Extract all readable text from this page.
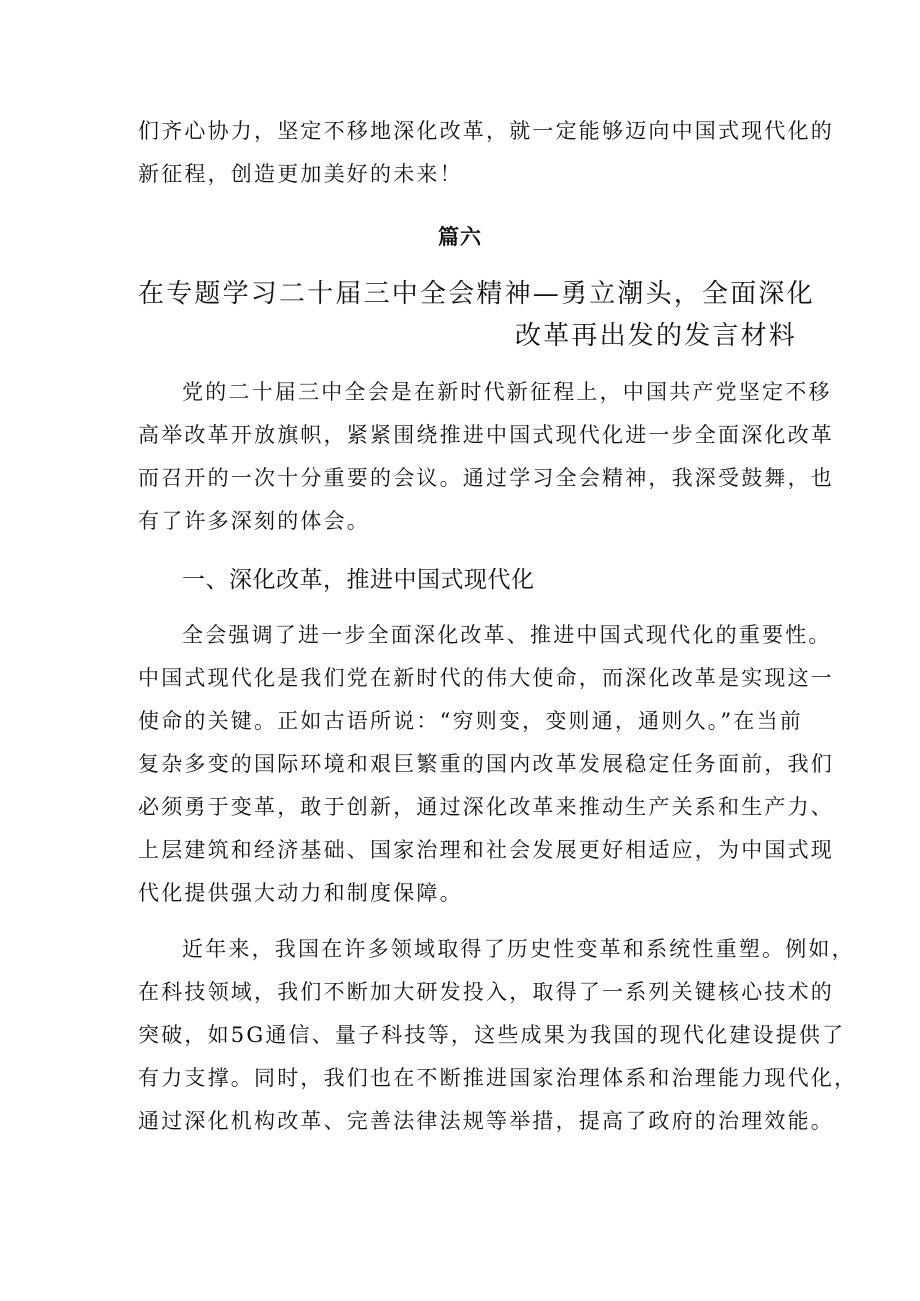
们齐心协力，坚定不移地深化改革，就一定能够迈向中国式现代化的
新征程，创造更加美好的未来！
篇六
在专题学习二十届三中全会精神—勇立潮头，全面深化
改革再出发的发言材料
党的二十届三中全会是在新时代新征程上，中国共产党坚定不移
高举改革开放旗帜，紧紧围绕推进中国式现代化进一步全面深化改革
而召开的一次十分重要的会议。通过学习全会精神，我深受鼓舞，也
有了许多深刻的体会。
一、深化改革，推进中国式现代化
全会强调了进一步全面深化改革、推进中国式现代化的重要性。
中国式现代化是我们党在新时代的伟大使命，而深化改革是实现这一
使命的关键。正如古语所说：“穷则变，变则通，通则久。”在当前
复杂多变的国际环境和艰巨繁重的国内改革发展稳定任务面前，我们
必须勇于变革，敢于创新，通过深化改革来推动生产关系和生产力、
上层建筑和经济基础、国家治理和社会发展更好相适应，为中国式现
代化提供强大动力和制度保障。
近年来，我国在许多领域取得了历史性变革和系统性重塑。例如，
在科技领域，我们不断加大研发投入，取得了一系列关键核心技术的
突破，如5G通信、量子科技等，这些成果为我国的现代化建设提供了
有力支撑。同时，我们也在不断推进国家治理体系和治理能力现代化，
通过深化机构改革、完善法律法规等举措，提高了政府的治理效能。
